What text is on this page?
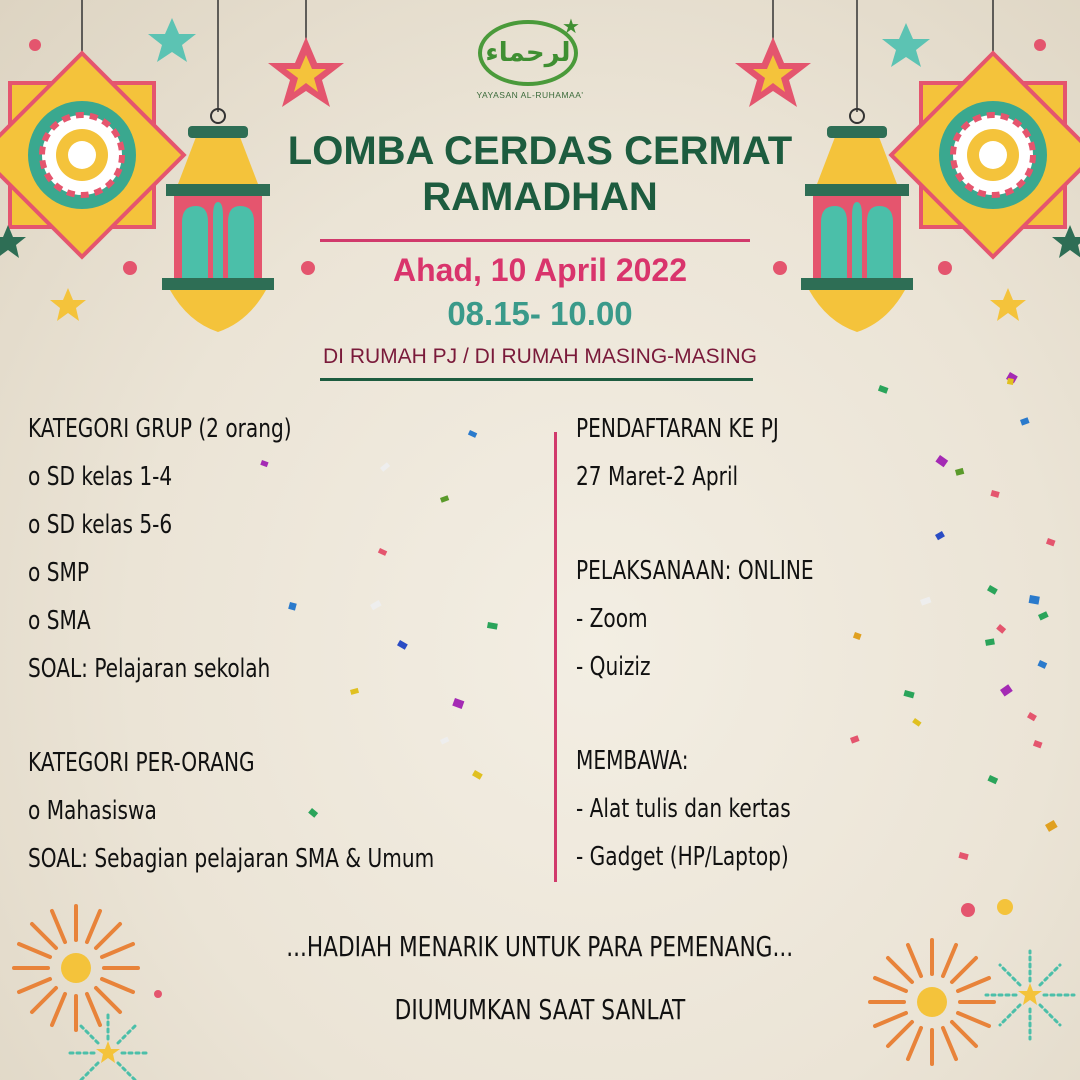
★
لرحماء
YAYASAN AL-RUHAMAA'
LOMBA CERDAS CERMAT
RAMADHAN
Ahad, 10 April 2022
08.15- 10.00
DI RUMAH PJ / DI RUMAH MASING-MASING
KATEGORI GRUP (2 orang)
o SD kelas 1-4
o SD kelas 5-6
o SMP
o SMA
SOAL: Pelajaran sekolah
KATEGORI PER-ORANG
o Mahasiswa
SOAL: Sebagian pelajaran SMA & Umum
PENDAFTARAN KE PJ
27 Maret-2 April
PELAKSANAAN: ONLINE
- Zoom
- Quiziz
MEMBAWA:
- Alat tulis dan kertas
- Gadget (HP/Laptop)
...HADIAH MENARIK UNTUK PARA PEMENANG...
DIUMUMKAN SAAT SANLAT
